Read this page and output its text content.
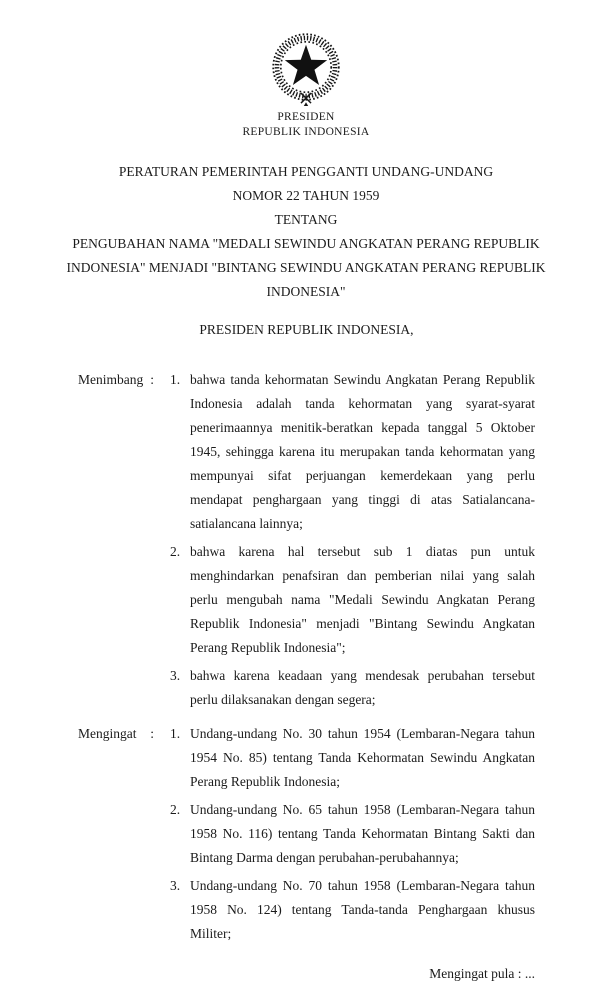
PRESIDEN
REPUBLIK INDONESIA
PERATURAN PEMERINTAH PENGGANTI UNDANG-UNDANG
NOMOR 22 TAHUN 1959
TENTANG
PENGUBAHAN NAMA "MEDALI SEWINDU ANGKATAN PERANG REPUBLIK
INDONESIA" MENJADI "BINTANG SEWINDU ANGKATAN PERANG REPUBLIK
INDONESIA"
PRESIDEN REPUBLIK INDONESIA,
Menimbang : 1. bahwa tanda kehormatan Sewindu Angkatan Perang Republik Indonesia adalah tanda kehormatan yang syarat-syarat penerimaannya menitik-beratkan kepada tanggal 5 Oktober 1945, sehingga karena itu merupakan tanda kehormatan yang mempunyai sifat perjuangan kemerdekaan yang perlu mendapat penghargaan yang tinggi di atas Satialancana-satialancana lainnya;
2. bahwa karena hal tersebut sub 1 diatas pun untuk menghindarkan penafsiran dan pemberian nilai yang salah perlu mengubah nama "Medali Sewindu Angkatan Perang Republik Indonesia" menjadi "Bintang Sewindu Angkatan Perang Republik Indonesia";
3. bahwa karena keadaan yang mendesak perubahan tersebut perlu dilaksanakan dengan segera;
Mengingat : 1. Undang-undang No. 30 tahun 1954 (Lembaran-Negara tahun 1954 No. 85) tentang Tanda Kehormatan Sewindu Angkatan Perang Republik Indonesia;
2. Undang-undang No. 65 tahun 1958 (Lembaran-Negara tahun 1958 No. 116) tentang Tanda Kehormatan Bintang Sakti dan Bintang Darma dengan perubahan-perubahannya;
3. Undang-undang No. 70 tahun 1958 (Lembaran-Negara tahun 1958 No. 124) tentang Tanda-tanda Penghargaan khusus Militer;
Mengingat pula : ...
